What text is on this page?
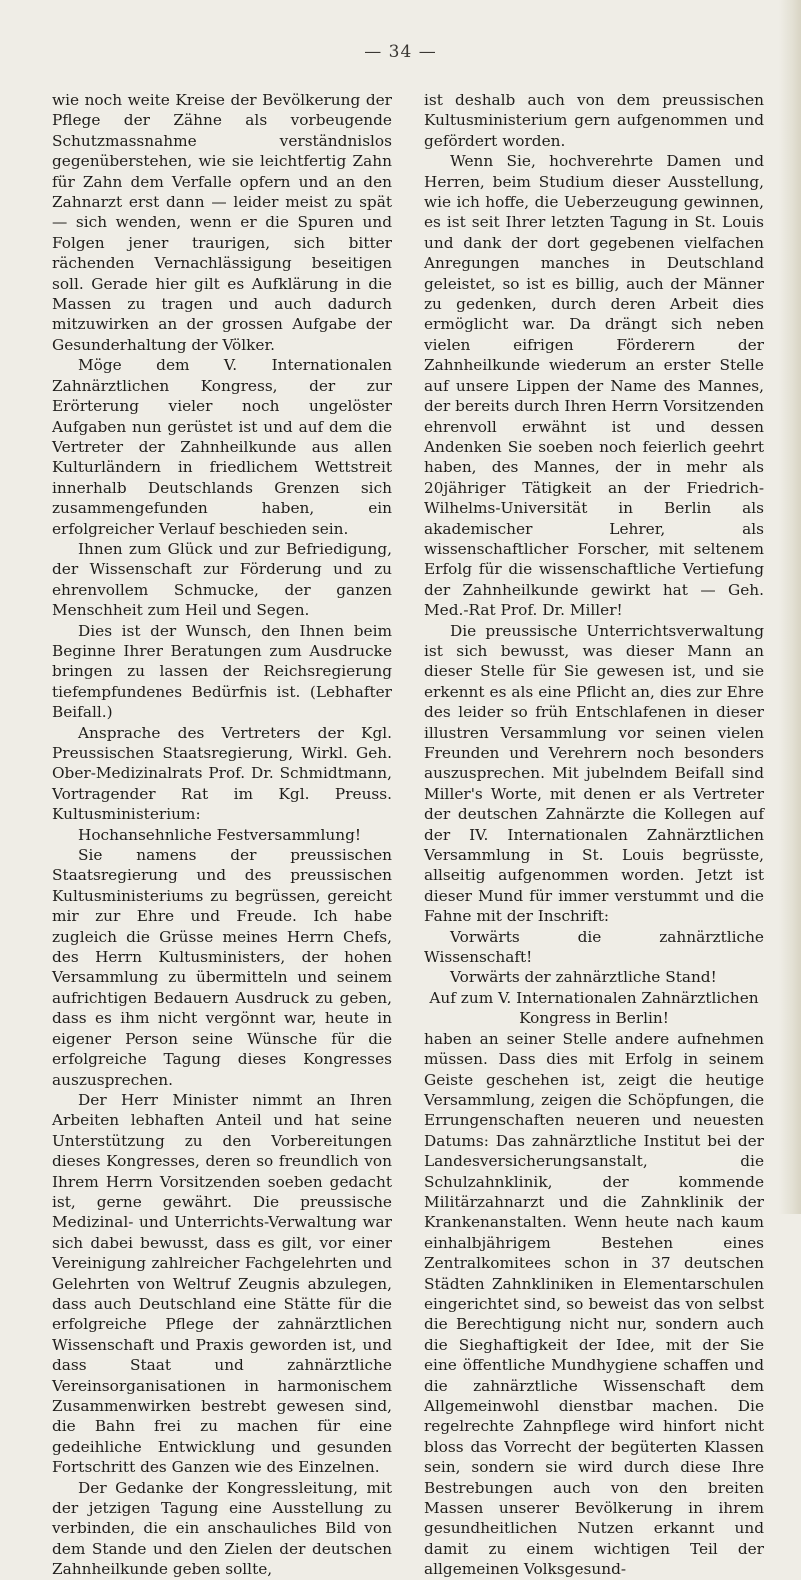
— 34 —

wie noch weite Kreise der Bevölkerung der Pflege der Zähne als vorbeugende Schutzmassnahme verständnislos gegenüberstehen, wie sie leichtfertig Zahn für Zahn dem Verfalle opfern und an den Zahnarzt erst dann — leider meist zu spät — sich wenden, wenn er die Spuren und Folgen jener traurigen, sich bitter rächenden Vernachlässigung beseitigen soll. Gerade hier gilt es Aufklärung in die Massen zu tragen und auch dadurch mitzuwirken an der grossen Aufgabe der Gesunderhaltung der Völker.

Möge dem V. Internationalen Zahnärztlichen Kongress, der zur Erörterung vieler noch ungelöster Aufgaben nun gerüstet ist und auf dem die Vertreter der Zahnheilkunde aus allen Kulturländern in friedlichem Wettstreit innerhalb Deutschlands Grenzen sich zusammengefunden haben, ein erfolgreicher Verlauf beschieden sein.

Ihnen zum Glück und zur Befriedigung, der Wissenschaft zur Förderung und zu ehrenvollem Schmucke, der ganzen Menschheit zum Heil und Segen.

Dies ist der Wunsch, den Ihnen beim Beginne Ihrer Beratungen zum Ausdrucke bringen zu lassen der Reichsregierung tiefempfundenes Bedürfnis ist. (Lebhafter Beifall.)

Ansprache des Vertreters der Kgl. Preussischen Staatsregierung, Wirkl. Geh. Ober-Medizinalrats Prof. Dr. Schmidtmann, Vortragender Rat im Kgl. Preuss. Kultusministerium:

Hochansehnliche Festversammlung!

Sie namens der preussischen Staatsregierung und des preussischen Kultusministeriums zu begrüssen, gereicht mir zur Ehre und Freude. Ich habe zugleich die Grüsse meines Herrn Chefs, des Herrn Kultusministers, der hohen Versammlung zu übermitteln und seinem aufrichtigen Bedauern Ausdruck zu geben, dass es ihm nicht vergönnt war, heute in eigener Person seine Wünsche für die erfolgreiche Tagung dieses Kongresses auszusprechen.

Der Herr Minister nimmt an Ihren Arbeiten lebhaften Anteil und hat seine Unterstützung zu den Vorbereitungen dieses Kongresses, deren so freundlich von Ihrem Herrn Vorsitzenden soeben gedacht ist, gerne gewährt. Die preussische Medizinal- und Unterrichts-Verwaltung war sich dabei bewusst, dass es gilt, vor einer Vereinigung zahlreicher Fachgelehrten und Gelehrten von Weltruf Zeugnis abzulegen, dass auch Deutschland eine Stätte für die erfolgreiche Pflege der zahnärztlichen Wissenschaft und Praxis geworden ist, und dass Staat und zahnärztliche Vereinsorganisationen in harmonischem Zusammenwirken bestrebt gewesen sind, die Bahn frei zu machen für eine gedeihliche Entwicklung und gesunden Fortschritt des Ganzen wie des Einzelnen.

Der Gedanke der Kongressleitung, mit der jetzigen Tagung eine Ausstellung zu verbinden, die ein anschauliches Bild von dem Stande und den Zielen der deutschen Zahnheilkunde geben sollte,

ist deshalb auch von dem preussischen Kultusministerium gern aufgenommen und gefördert worden.

Wenn Sie, hochverehrte Damen und Herren, beim Studium dieser Ausstellung, wie ich hoffe, die Ueberzeugung gewinnen, es ist seit Ihrer letzten Tagung in St. Louis und dank der dort gegebenen vielfachen Anregungen manches in Deutschland geleistet, so ist es billig, auch der Männer zu gedenken, durch deren Arbeit dies ermöglicht war. Da drängt sich neben vielen eifrigen Förderern der Zahnheilkunde wiederum an erster Stelle auf unsere Lippen der Name des Mannes, der bereits durch Ihren Herrn Vorsitzenden ehrenvoll erwähnt ist und dessen Andenken Sie soeben noch feierlich geehrt haben, des Mannes, der in mehr als 20jähriger Tätigkeit an der Friedrich-Wilhelms-Universität in Berlin als akademischer Lehrer, als wissenschaftlicher Forscher, mit seltenem Erfolg für die wissenschaftliche Vertiefung der Zahnheilkunde gewirkt hat — Geh. Med.-Rat Prof. Dr. Miller!

Die preussische Unterrichtsverwaltung ist sich bewusst, was dieser Mann an dieser Stelle für Sie gewesen ist, und sie erkennt es als eine Pflicht an, dies zur Ehre des leider so früh Entschlafenen in dieser illustren Versammlung vor seinen vielen Freunden und Verehrern noch besonders auszusprechen. Mit jubelndem Beifall sind Miller's Worte, mit denen er als Vertreter der deutschen Zahnärzte die Kollegen auf der IV. Internationalen Zahnärztlichen Versammlung in St. Louis begrüsste, allseitig aufgenommen worden. Jetzt ist dieser Mund für immer verstummt und die Fahne mit der Inschrift:

Vorwärts die zahnärztliche Wissenschaft!

Vorwärts der zahnärztliche Stand!

Auf zum V. Internationalen Zahnärztlichen Kongress in Berlin!

haben an seiner Stelle andere aufnehmen müssen. Dass dies mit Erfolg in seinem Geiste geschehen ist, zeigt die heutige Versammlung, zeigen die Schöpfungen, die Errungenschaften neueren und neuesten Datums: Das zahnärztliche Institut bei der Landesversicherungsanstalt, die Schulzahnklinik, der kommende Militärzahnarzt und die Zahnklinik der Krankenanstalten. Wenn heute nach kaum einhalbjährigem Bestehen eines Zentralkomitees schon in 37 deutschen Städten Zahnkliniken in Elementarschulen eingerichtet sind, so beweist das von selbst die Berechtigung nicht nur, sondern auch die Sieghaftigkeit der Idee, mit der Sie eine öffentliche Mundhygiene schaffen und die zahnärztliche Wissenschaft dem Allgemeinwohl dienstbar machen. Die regelrechte Zahnpflege wird hinfort nicht bloss das Vorrecht der begüterten Klassen sein, sondern sie wird durch diese Ihre Bestrebungen auch von den breiten Massen unserer Bevölkerung in ihrem gesundheitlichen Nutzen erkannt und damit zu einem wichtigen Teil der allgemeinen Volksgesund-
